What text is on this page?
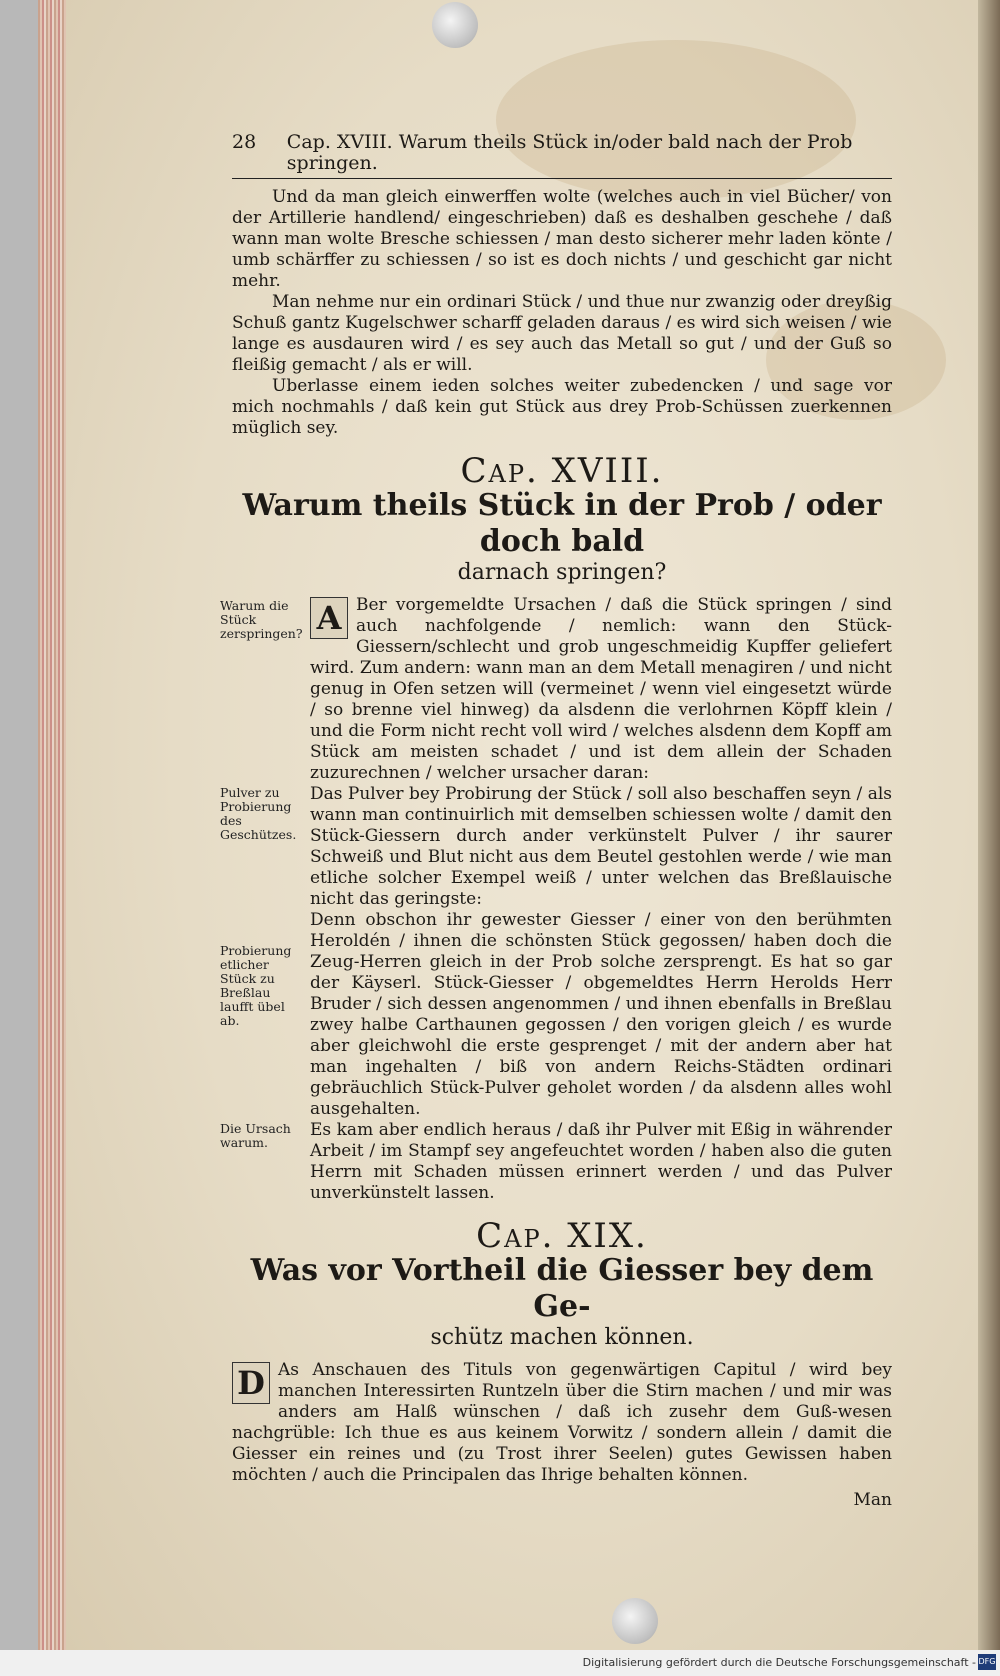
28	Cap. XVIII. Warum theils Stück in/oder bald nach der Prob springen.

Und da man gleich einwerffen wolte (welches auch in viel Bücher/ von der Artillerie handlend/ eingeschrieben) daß es deshalben geschehe / daß wann man wolte Bresche schiessen / man desto sicherer mehr laden könte / umb schärffer zu schiessen / so ist es doch nichts / und geschicht gar nicht mehr.

Man nehme nur ein ordinari Stück / und thue nur zwanzig oder dreyßig Schuß gantz Kugelschwer scharff geladen daraus / es wird sich weisen / wie lange es ausdauren wird / es sey auch das Metall so gut / und der Guß so fleißig gemacht / als er will.

Uberlasse einem ieden solches weiter zubedencken / und sage vor mich nochmahls / daß kein gut Stück aus drey Prob-Schüssen zuerkennen müglich sey.

Cap. XVIII.
Warum theils Stück in der Prob / oder doch bald
darnach springen?
Warum die Stück zerspringen? A Ber vorgemeldte Ursachen / daß die Stück springen / sind auch nachfolgende / nemlich: wann den Stück-Giessern/schlecht und grob ungeschmeidig Kupffer geliefert wird. Zum andern: wann man an dem Metall menagiren / und nicht genug in Ofen setzen will (vermeinet / wenn viel eingesetzt würde / so brenne viel hinweg) da alsdenn die verlohrnen Köpff klein / und die Form nicht recht voll wird / welches alsdenn dem Kopff am Stück am meisten schadet / und ist dem allein der Schaden zuzurechnen / welcher ursacher daran:

Pulver zu Probierung des Geschützes.

Das Pulver bey Probirung der Stück / soll also beschaffen seyn / als wann man continuirlich mit demselben schiessen wolte / damit den Stück-Giessern durch ander verkünstelt Pulver / ihr saurer Schweiß und Blut nicht aus dem Beutel gestohlen werde / wie man etliche solcher Exempel weiß / unter welchen das Breßlauische nicht das geringste:

Probierung etlicher Stück zu Breßlau laufft übel ab.

Denn obschon ihr gewester Giesser / einer von den berühmten Heroldén / ihnen die schönsten Stück gegossen/ haben doch die Zeug-Herren gleich in der Prob solche zersprengt. Es hat so gar der Käyserl. Stück-Giesser / obgemeldtes Herrn Herolds Herr Bruder / sich dessen angenommen / und ihnen ebenfalls in Breßlau zwey halbe Carthaunen gegossen / den vorigen gleich / es wurde aber gleichwohl die erste gesprenget / mit der andern aber hat man ingehalten / biß von andern Reichs-Städten ordinari gebräuchlich Stück-Pulver geholet worden / da alsdenn alles wohl ausgehalten.

Die Ursach warum.

Es kam aber endlich heraus / daß ihr Pulver mit Eßig in währender Arbeit / im Stampf sey angefeuchtet worden / haben also die guten Herrn mit Schaden müssen erinnert werden / und das Pulver unverkünstelt lassen.

Cap. XIX.
Was vor Vortheil die Giesser bey dem Ge-
schütz machen können.
D As Anschauen des Tituls von gegenwärtigen Capitul / wird bey manchen Interessirten Runtzeln über die Stirn machen / und mir was anders am Halß wünschen / daß ich zusehr dem Guß-wesen nachgrüble: Ich thue es aus keinem Vorwitz / sondern allein / damit die Giesser ein reines und (zu Trost ihrer Seelen) gutes Gewissen haben möchten / auch die Principalen das Ihrige behalten können.

Man
Digitalisierung gefördert durch die Deutsche Forschungsgemeinschaft - DFG
